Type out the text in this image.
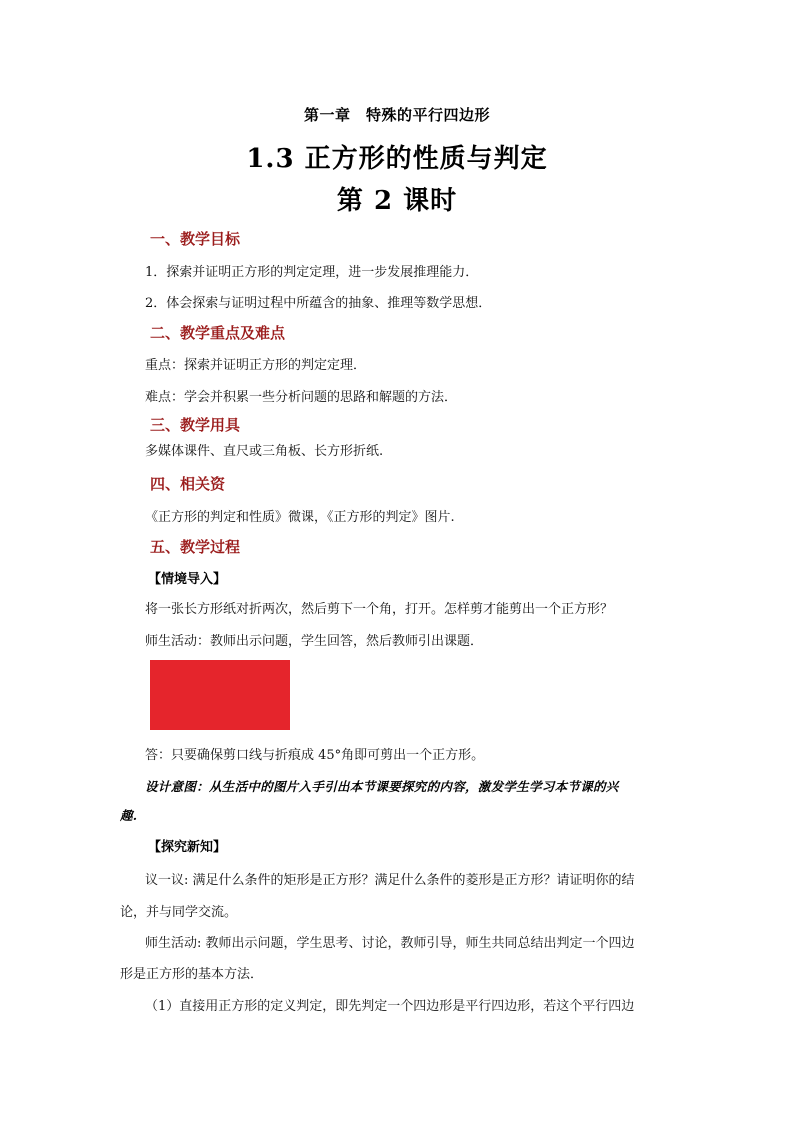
第一章　特殊的平行四边形
1.3 正方形的性质与判定
第 2 课时
一、教学目标
1．探索并证明正方形的判定定理，进一步发展推理能力．
2．体会探索与证明过程中所蕴含的抽象、推理等数学思想．
二、教学重点及难点
重点：探索并证明正方形的判定定理．
难点：学会并积累一些分析问题的思路和解题的方法．
三、教学用具
多媒体课件、直尺或三角板、长方形折纸.
四、相关资
《正方形的判定和性质》微课，《正方形的判定》图片.
五、教学过程
【情境导入】
将一张长方形纸对折两次，然后剪下一个角，打开。怎样剪才能剪出一个正方形？
师生活动：教师出示问题，学生回答，然后教师引出课题．
答：只要确保剪口线与折痕成 45°角即可剪出一个正方形。
设计意图：从生活中的图片入手引出本节课要探究的内容，激发学生学习本节课的兴
趣.
【探究新知】
议一议: 满足什么条件的矩形是正方形？满足什么条件的菱形是正方形？请证明你的结
论，并与同学交流。
师生活动: 教师出示问题，学生思考、讨论，教师引导，师生共同总结出判定一个四边
形是正方形的基本方法．
（1）直接用正方形的定义判定，即先判定一个四边形是平行四边形，若这个平行四边
